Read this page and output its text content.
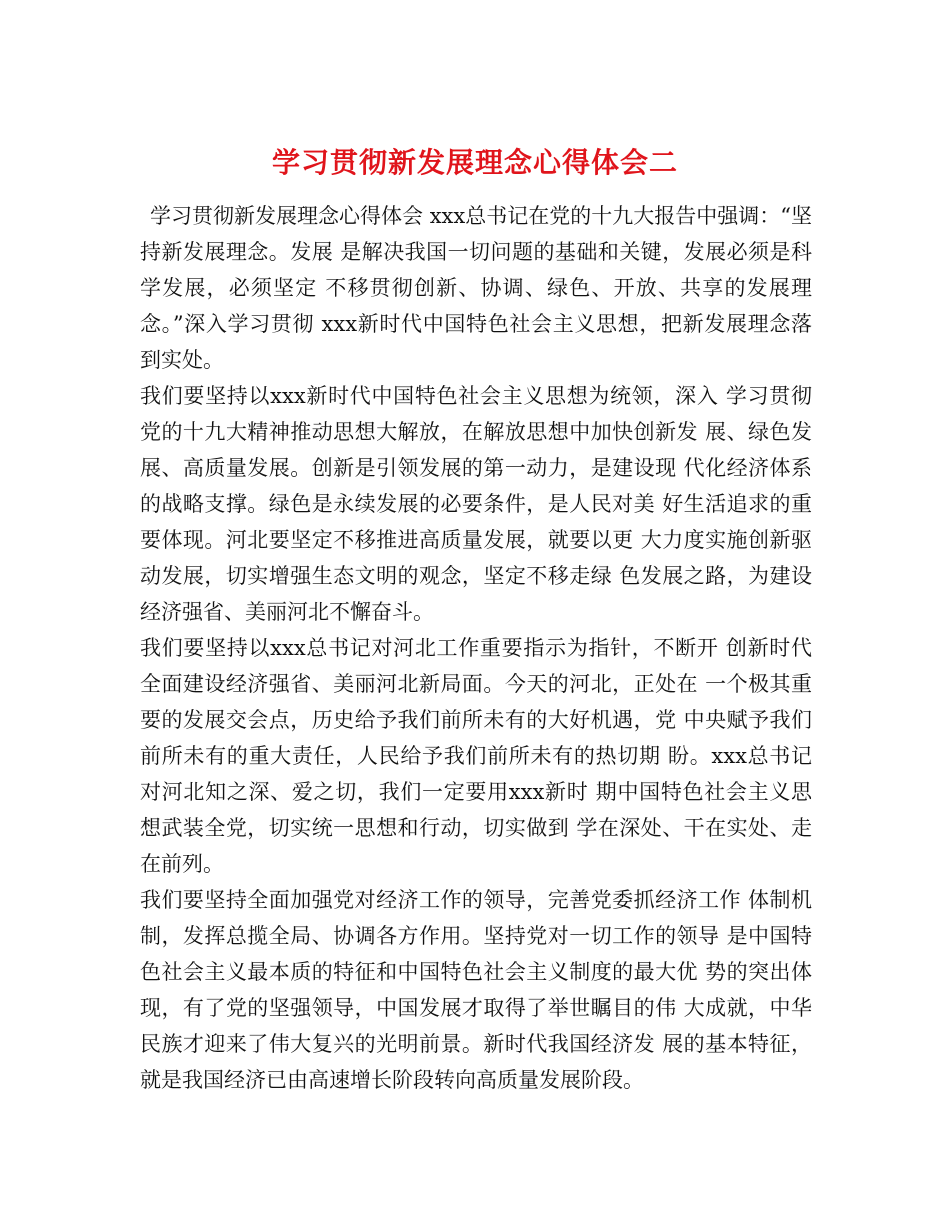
学习贯彻新发展理念心得体会二

学习贯彻新发展理念心得体会 xxx总书记在党的十九大报告中强调：“坚持新发展理念。发展 是解决我国一切问题的基础和关键，发展必须是科学发展，必须坚定 不移贯彻创新、协调、绿色、开放、共享的发展理念。”深入学习贯彻 xxx新时代中国特色社会主义思想，把新发展理念落到实处。

我们要坚持以xxx新时代中国特色社会主义思想为统领，深入 学习贯彻党的十九大精神推动思想大解放，在解放思想中加快创新发 展、绿色发展、高质量发展。创新是引领发展的第一动力，是建设现 代化经济体系的战略支撑。绿色是永续发展的必要条件，是人民对美 好生活追求的重要体现。河北要坚定不移推进高质量发展，就要以更 大力度实施创新驱动发展，切实增强生态文明的观念，坚定不移走绿 色发展之路，为建设经济强省、美丽河北不懈奋斗。

我们要坚持以xxx总书记对河北工作重要指示为指针，不断开 创新时代全面建设经济强省、美丽河北新局面。今天的河北，正处在 一个极其重要的发展交会点，历史给予我们前所未有的大好机遇，党 中央赋予我们前所未有的重大责任，人民给予我们前所未有的热切期 盼。xxx总书记对河北知之深、爱之切，我们一定要用xxx新时 期中国特色社会主义思想武装全党，切实统一思想和行动，切实做到 学在深处、干在实处、走在前列。

我们要坚持全面加强党对经济工作的领导，完善党委抓经济工作 体制机制，发挥总揽全局、协调各方作用。坚持党对一切工作的领导 是中国特色社会主义最本质的特征和中国特色社会主义制度的最大优 势的突出体现，有了党的坚强领导，中国发展才取得了举世瞩目的伟 大成就，中华民族才迎来了伟大复兴的光明前景。新时代我国经济发 展的基本特征，就是我国经济已由高速增长阶段转向高质量发展阶段。
